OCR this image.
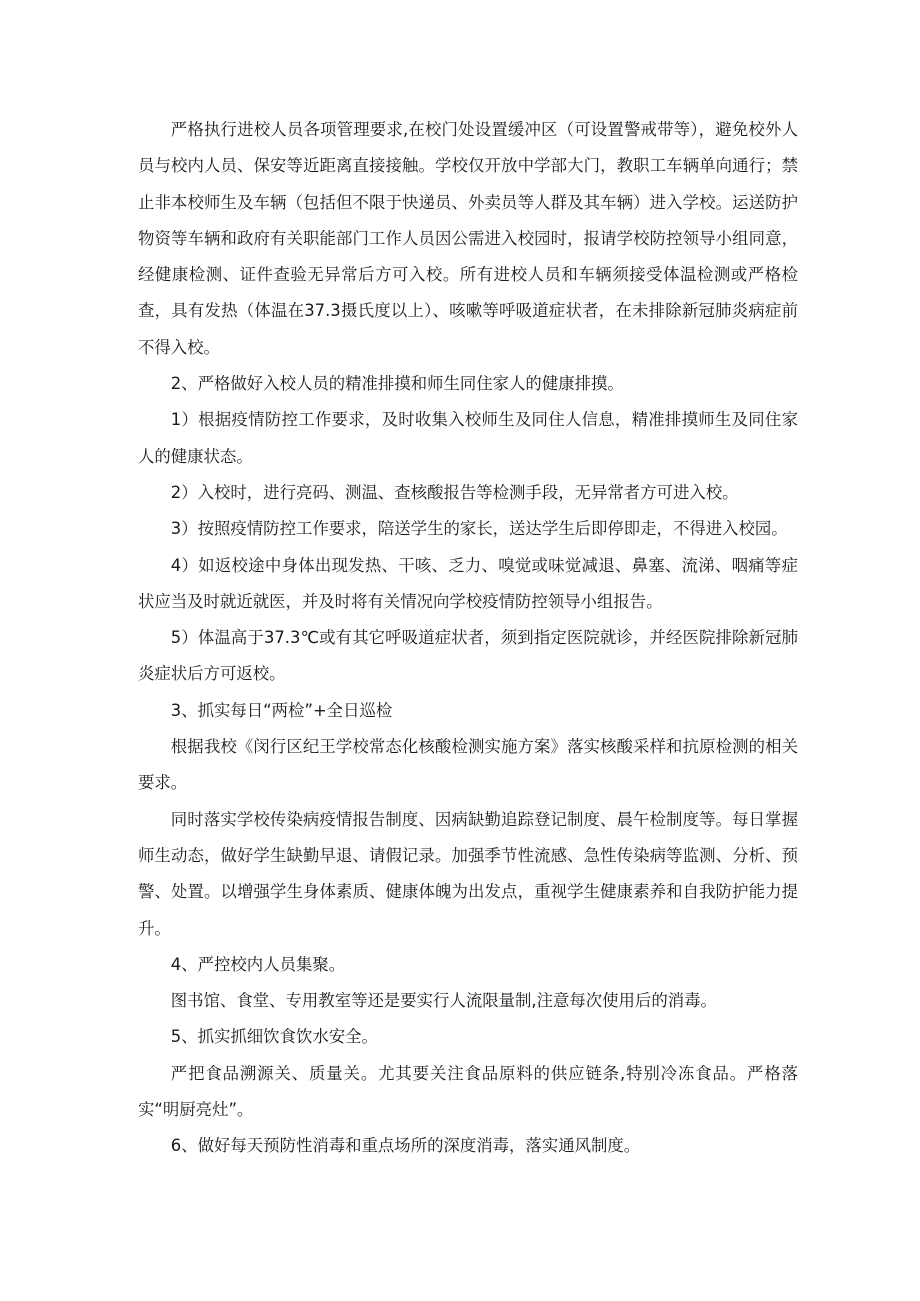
严格执行进校人员各项管理要求,在校门处设置缓冲区（可设置警戒带等），避免校外人员与校内人员、保安等近距离直接接触。学校仅开放中学部大门，教职工车辆单向通行；禁止非本校师生及车辆（包括但不限于快递员、外卖员等人群及其车辆）进入学校。运送防护物资等车辆和政府有关职能部门工作人员因公需进入校园时，报请学校防控领导小组同意，经健康检测、证件查验无异常后方可入校。所有进校人员和车辆须接受体温检测或严格检查，具有发热（体温在37.3摄氏度以上）、咳嗽等呼吸道症状者，在未排除新冠肺炎病症前不得入校。

2、严格做好入校人员的精准排摸和师生同住家人的健康排摸。

1）根据疫情防控工作要求，及时收集入校师生及同住人信息，精准排摸师生及同住家人的健康状态。

2）入校时，进行亮码、测温、查核酸报告等检测手段，无异常者方可进入校。

3）按照疫情防控工作要求，陪送学生的家长，送达学生后即停即走，不得进入校园。

4）如返校途中身体出现发热、干咳、乏力、嗅觉或味觉减退、鼻塞、流涕、咽痛等症状应当及时就近就医，并及时将有关情况向学校疫情防控领导小组报告。

5）体温高于37.3℃或有其它呼吸道症状者，须到指定医院就诊，并经医院排除新冠肺炎症状后方可返校。

3、抓实每日“两检”+全日巡检

根据我校《闵行区纪王学校常态化核酸检测实施方案》落实核酸采样和抗原检测的相关要求。

同时落实学校传染病疫情报告制度、因病缺勤追踪登记制度、晨午检制度等。每日掌握师生动态，做好学生缺勤早退、请假记录。加强季节性流感、急性传染病等监测、分析、预警、处置。以增强学生身体素质、健康体魄为出发点，重视学生健康素养和自我防护能力提升。

4、严控校内人员集聚。

图书馆、食堂、专用教室等还是要实行人流限量制,注意每次使用后的消毒。

5、抓实抓细饮食饮水安全。

严把食品溯源关、质量关。尤其要关注食品原料的供应链条,特别冷冻食品。严格落实“明厨亮灶”。

6、做好每天预防性消毒和重点场所的深度消毒，落实通风制度。
